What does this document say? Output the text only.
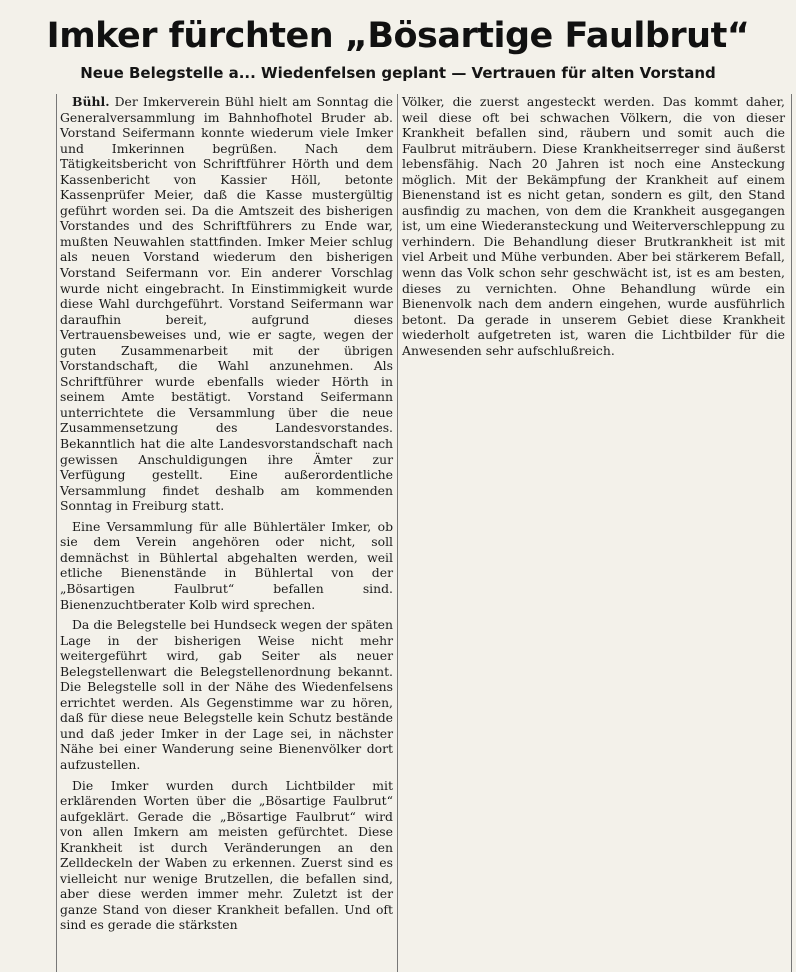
Imker fürchten „Bösartige Faulbrut“
Neue Belegstelle a... Wiedenfelsen geplant — Vertrauen für alten Vorstand

Bühl. Der Imkerverein Bühl hielt am Sonntag die Generalversammlung im Bahnhofhotel Bruder ab. Vorstand Seifermann konnte wiederum viele Imker und Imkerinnen begrüßen. Nach dem Tätigkeitsbericht von Schriftführer Hörth und dem Kassenbericht von Kassier Höll, betonte Kassenprüfer Meier, daß die Kasse mustergültig geführt worden sei. Da die Amtszeit des bisherigen Vorstandes und des Schriftführers zu Ende war, mußten Neuwahlen stattfinden. Imker Meier schlug als neuen Vorstand wiederum den bisherigen Vorstand Seifermann vor. Ein anderer Vorschlag wurde nicht eingebracht. In Einstimmigkeit wurde diese Wahl durchgeführt. Vorstand Seifermann war daraufhin bereit, aufgrund dieses Vertrauensbeweises und, wie er sagte, wegen der guten Zusammenarbeit mit der übrigen Vorstandschaft, die Wahl anzunehmen. Als Schriftführer wurde ebenfalls wieder Hörth in seinem Amte bestätigt. Vorstand Seifermann unterrichtete die Versammlung über die neue Zusammensetzung des Landesvorstandes. Bekanntlich hat die alte Landesvorstandschaft nach gewissen Anschuldigungen ihre Ämter zur Verfügung gestellt. Eine außerordentliche Versammlung findet deshalb am kommenden Sonntag in Freiburg statt.

Eine Versammlung für alle Bühlertäler Imker, ob sie dem Verein angehören oder nicht, soll demnächst in Bühlertal abgehalten werden, weil etliche Bienenstände in Bühlertal von der „Bösartigen Faulbrut“ befallen sind. Bienenzuchtberater Kolb wird sprechen.

Da die Belegstelle bei Hundseck wegen der späten Lage in der bisherigen Weise nicht mehr weitergeführt wird, gab Seiter als neuer Belegstellenwart die Belegstellenordnung bekannt. Die Belegstelle soll in der Nähe des Wiedenfelsens errichtet werden. Als Gegenstimme war zu hören, daß für diese neue Belegstelle kein Schutz bestände und daß jeder Imker in der Lage sei, in nächster Nähe bei einer Wanderung seine Bienenvölker dort aufzustellen.

Die Imker wurden durch Lichtbilder mit erklärenden Worten über die „Bösartige Faulbrut“ aufgeklärt. Gerade die „Bösartige Faulbrut“ wird von allen Imkern am meisten gefürchtet. Diese Krankheit ist durch Veränderungen an den Zelldeckeln der Waben zu erkennen. Zuerst sind es vielleicht nur wenige Brutzellen, die befallen sind, aber diese werden immer mehr. Zuletzt ist der ganze Stand von dieser Krankheit befallen. Und oft sind es gerade die stärksten

Völker, die zuerst angesteckt werden. Das kommt daher, weil diese oft bei schwachen Völkern, die von dieser Krankheit befallen sind, räubern und somit auch die Faulbrut miträubern. Diese Krankheitserreger sind äußerst lebensfähig. Nach 20 Jahren ist noch eine Ansteckung möglich. Mit der Bekämpfung der Krankheit auf einem Bienenstand ist es nicht getan, sondern es gilt, den Stand ausfindig zu machen, von dem die Krankheit ausgegangen ist, um eine Wiederansteckung und Weiterverschleppung zu verhindern. Die Behandlung dieser Brutkrankheit ist mit viel Arbeit und Mühe verbunden. Aber bei stärkerem Befall, wenn das Volk schon sehr geschwächt ist, ist es am besten, dieses zu vernichten. Ohne Behandlung würde ein Bienenvolk nach dem andern eingehen, wurde ausführlich betont. Da gerade in unserem Gebiet diese Krankheit wiederholt aufgetreten ist, waren die Lichtbilder für die Anwesenden sehr aufschlußreich.
